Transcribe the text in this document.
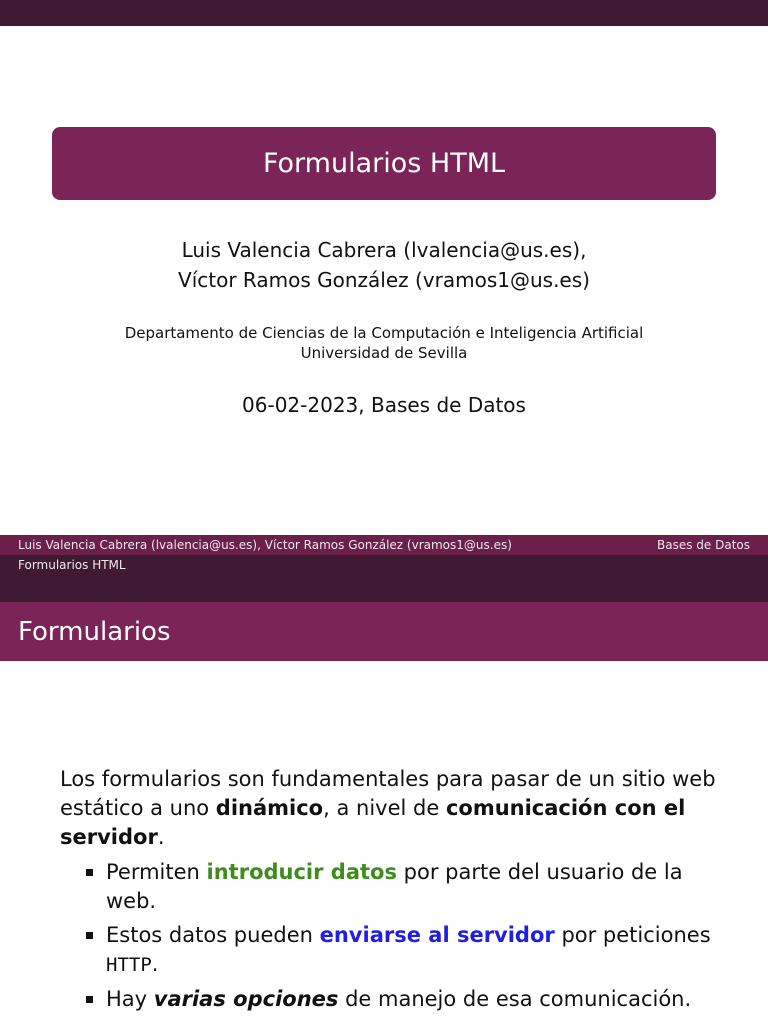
Formularios HTML
Luis Valencia Cabrera (lvalencia@us.es),
Víctor Ramos González (vramos1@us.es)
Departamento de Ciencias de la Computación e Inteligencia Artificial
Universidad de Sevilla
06-02-2023, Bases de Datos
Luis Valencia Cabrera (lvalencia@us.es), Víctor Ramos González (vramos1@us.es)	Bases de Datos
Formularios HTML
Formularios

Los formularios son fundamentales para pasar de un sitio web estático a uno dinámico, a nivel de comunicación con el servidor.

Permiten introducir datos por parte del usuario de la web.
Estos datos pueden enviarse al servidor por peticiones HTTP.
Hay varias opciones de manejo de esa comunicación.
